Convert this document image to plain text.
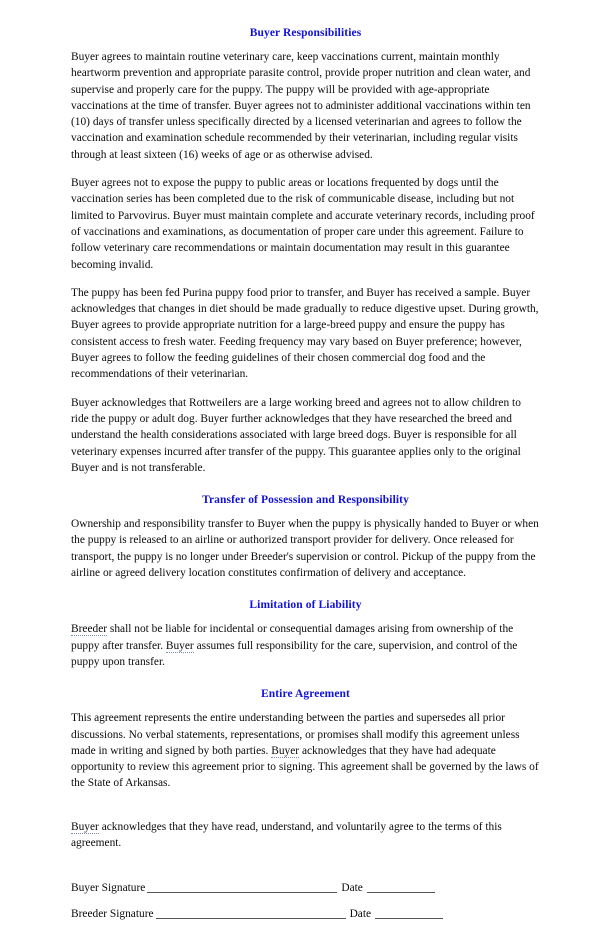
Buyer Responsibilities

Buyer agrees to maintain routine veterinary care, keep vaccinations current, maintain monthly heartworm prevention and appropriate parasite control, provide proper nutrition and clean water, and supervise and properly care for the puppy. The puppy will be provided with age-appropriate vaccinations at the time of transfer. Buyer agrees not to administer additional vaccinations within ten (10) days of transfer unless specifically directed by a licensed veterinarian and agrees to follow the vaccination and examination schedule recommended by their veterinarian, including regular visits through at least sixteen (16) weeks of age or as otherwise advised.

Buyer agrees not to expose the puppy to public areas or locations frequented by dogs until the vaccination series has been completed due to the risk of communicable disease, including but not limited to Parvovirus. Buyer must maintain complete and accurate veterinary records, including proof of vaccinations and examinations, as documentation of proper care under this agreement. Failure to follow veterinary care recommendations or maintain documentation may result in this guarantee becoming invalid.

The puppy has been fed Purina puppy food prior to transfer, and Buyer has received a sample. Buyer acknowledges that changes in diet should be made gradually to reduce digestive upset. During growth, Buyer agrees to provide appropriate nutrition for a large-breed puppy and ensure the puppy has consistent access to fresh water. Feeding frequency may vary based on Buyer preference; however, Buyer agrees to follow the feeding guidelines of their chosen commercial dog food and the recommendations of their veterinarian.

Buyer acknowledges that Rottweilers are a large working breed and agrees not to allow children to ride the puppy or adult dog. Buyer further acknowledges that they have researched the breed and understand the health considerations associated with large breed dogs. Buyer is responsible for all veterinary expenses incurred after transfer of the puppy. This guarantee applies only to the original Buyer and is not transferable.

Transfer of Possession and Responsibility

Ownership and responsibility transfer to Buyer when the puppy is physically handed to Buyer or when the puppy is released to an airline or authorized transport provider for delivery. Once released for transport, the puppy is no longer under Breeder's supervision or control. Pickup of the puppy from the airline or agreed delivery location constitutes confirmation of delivery and acceptance.

Limitation of Liability

Breeder shall not be liable for incidental or consequential damages arising from ownership of the puppy after transfer. Buyer assumes full responsibility for the care, supervision, and control of the puppy upon transfer.

Entire Agreement

This agreement represents the entire understanding between the parties and supersedes all prior discussions. No verbal statements, representations, or promises shall modify this agreement unless made in writing and signed by both parties. Buyer acknowledges that they have had adequate opportunity to review this agreement prior to signing. This agreement shall be governed by the laws of the State of Arkansas.

Buyer acknowledges that they have read, understand, and voluntarily agree to the terms of this agreement.

Buyer Signature	Date

Breeder Signature	Date
